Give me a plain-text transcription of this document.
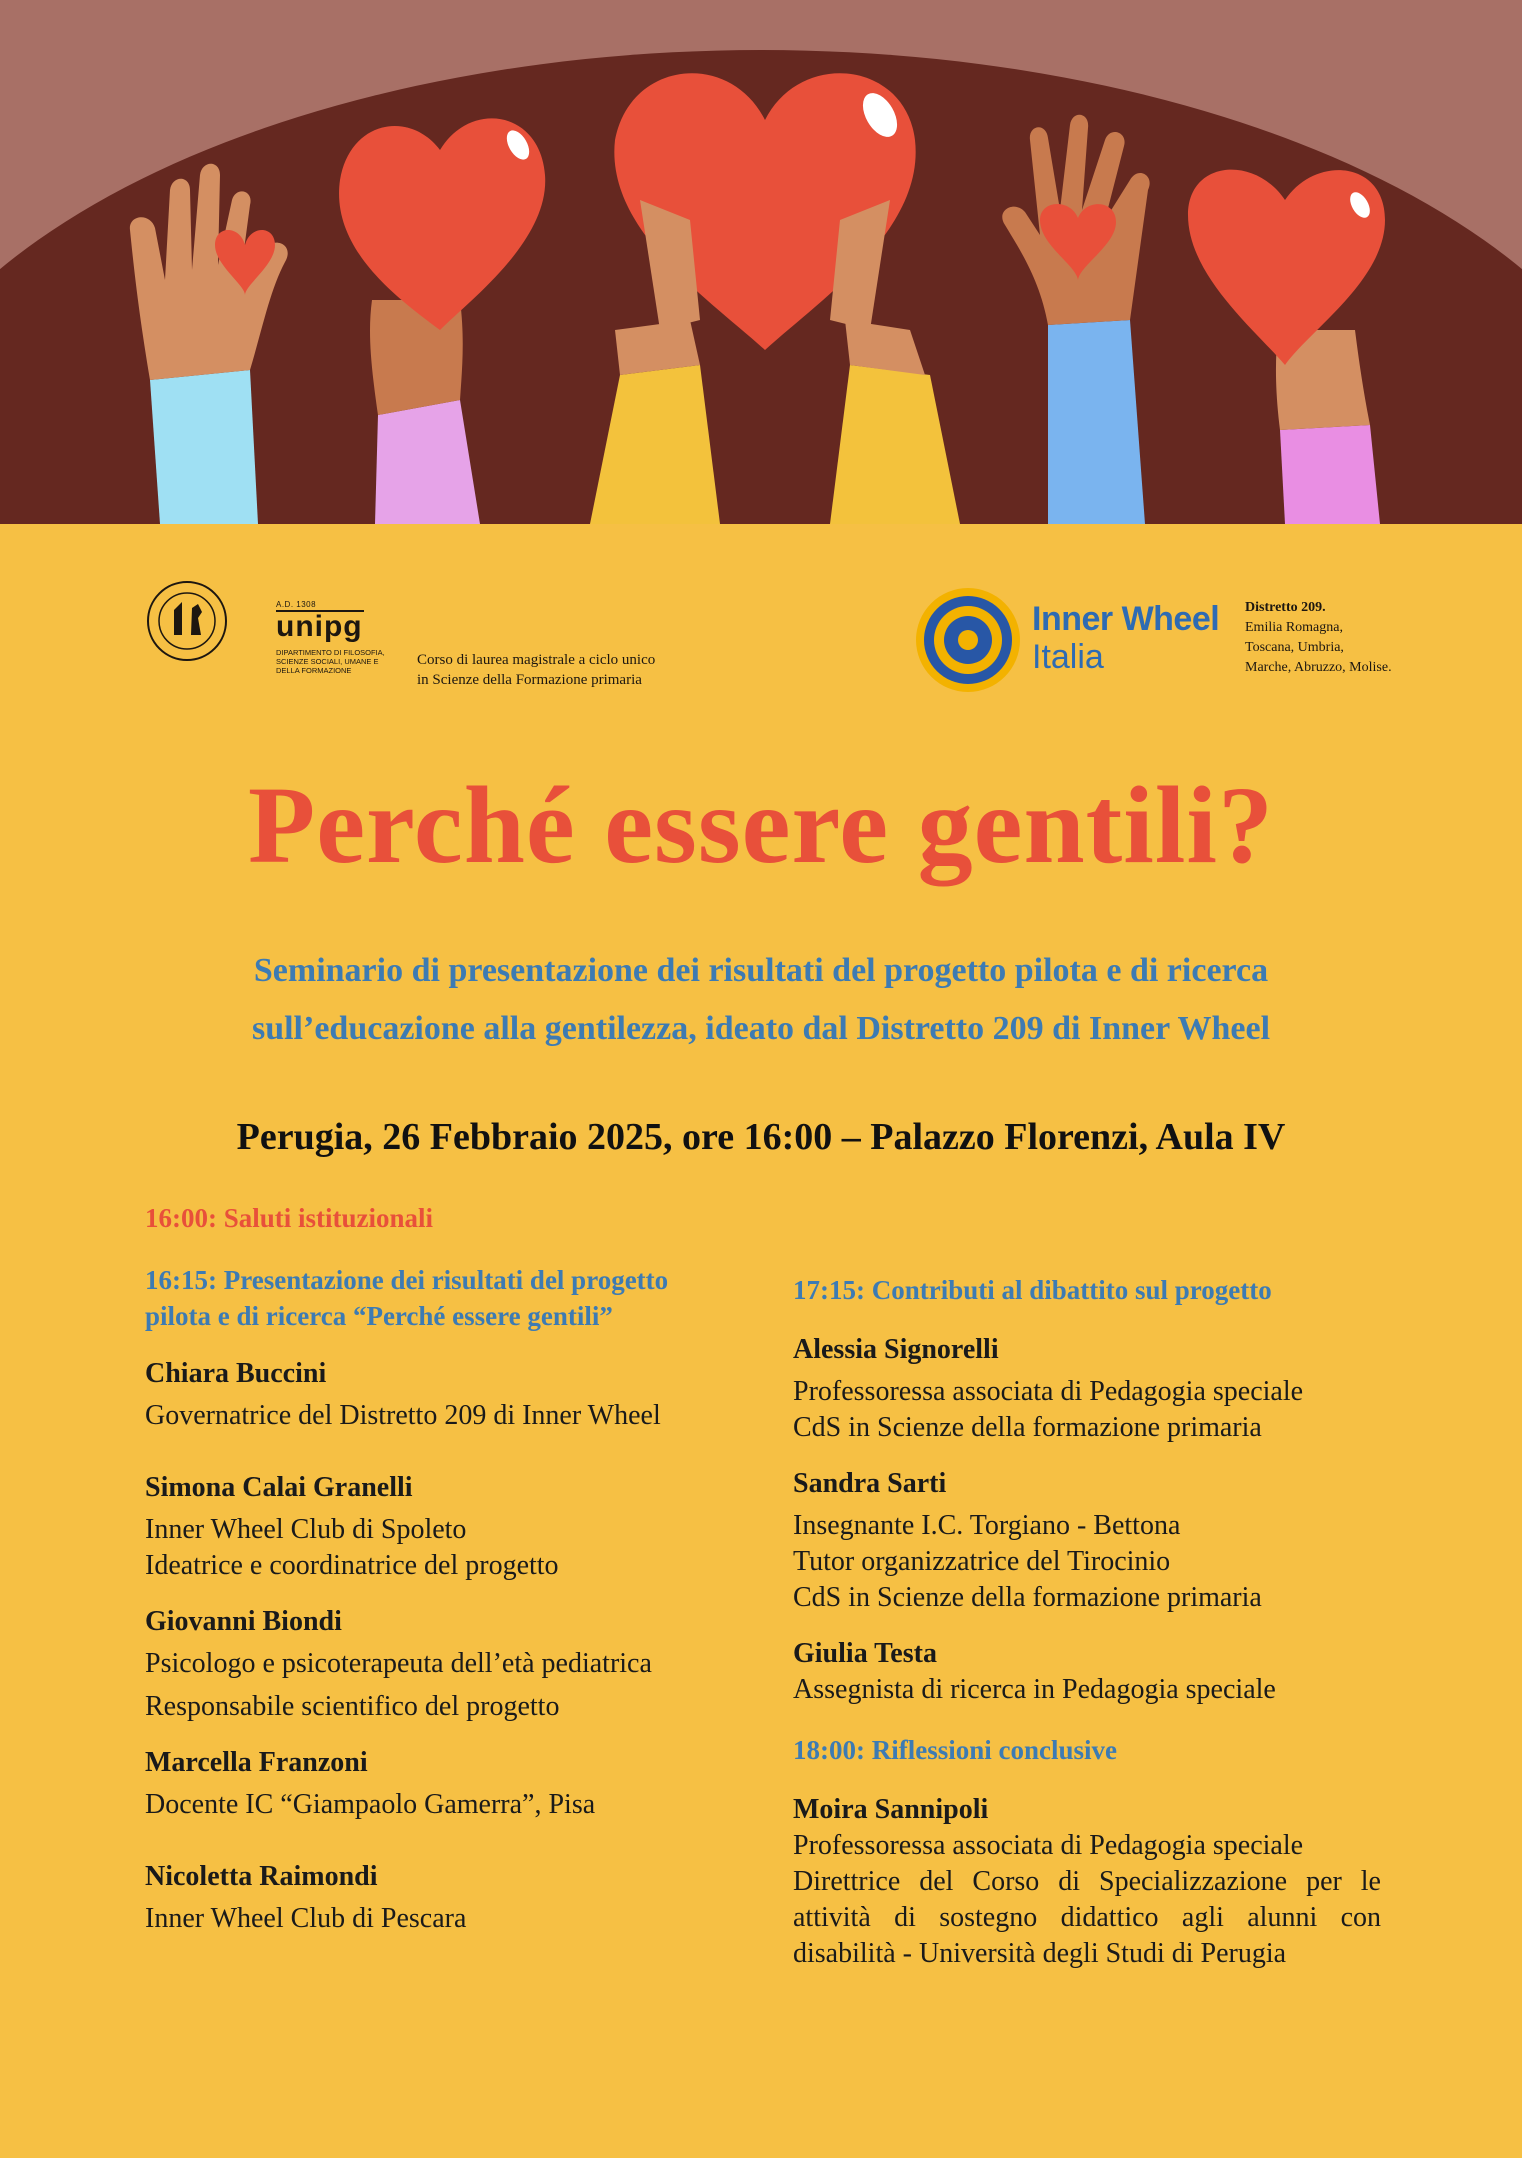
A.D. 1308
unipg
DIPARTIMENTO DI FILOSOFIA, SCIENZE SOCIALI, UMANE E DELLA FORMAZIONE
Corso di laurea magistrale a ciclo unico
in Scienze della Formazione primaria
Inner Wheel
Italia
Distretto 209.
Emilia Romagna,
Toscana, Umbria,
Marche, Abruzzo, Molise.
Perché essere gentili?
Seminario di presentazione dei risultati del progetto pilota e di ricerca
sull’educazione alla gentilezza, ideato dal Distretto 209 di Inner Wheel
Perugia, 26 Febbraio 2025, ore 16:00 – Palazzo Florenzi, Aula IV
16:00: Saluti istituzionali
16:15: Presentazione dei risultati del progetto
pilota e di ricerca “Perché essere gentili”
Chiara Buccini
Governatrice del Distretto 209 di Inner Wheel
Simona Calai Granelli
Inner Wheel Club di Spoleto
Ideatrice e coordinatrice del progetto
Giovanni Biondi
Psicologo e psicoterapeuta dell’età pediatrica
Responsabile scientifico del progetto
Marcella Franzoni
Docente IC “Giampaolo Gamerra”, Pisa
Nicoletta Raimondi
Inner Wheel Club di Pescara
17:15: Contributi al dibattito sul progetto
Alessia Signorelli
Professoressa associata di Pedagogia speciale
CdS in Scienze della formazione primaria
Sandra Sarti
Insegnante I.C. Torgiano - Bettona
Tutor organizzatrice del Tirocinio
CdS in Scienze della formazione primaria
Giulia Testa
Assegnista di ricerca in Pedagogia speciale
18:00: Riflessioni conclusive
Moira Sannipoli
Professoressa associata di Pedagogia speciale
Direttrice del Corso di Specializzazione per le attività di sostegno didattico agli alunni con disabilità - Università degli Studi di Perugia
